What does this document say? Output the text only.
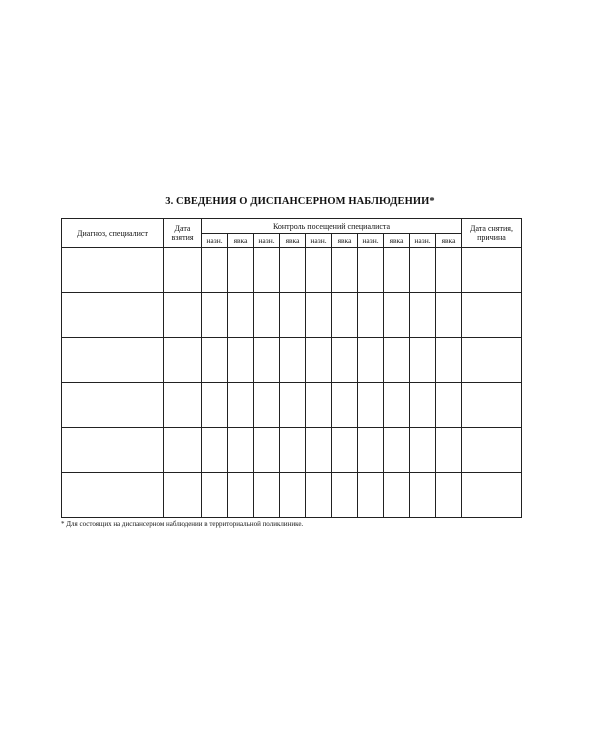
3. СВЕДЕНИЯ О ДИСПАНСЕРНОМ НАБЛЮДЕНИИ*
Диагноз, специалист	Дата взятия	Контроль посещений специалиста										Дата снятия, причина
		назн.	явка	назн.	явка	назн.	явка	назн.	явка	назн.	явка	

* Для состоящих на диспансерном наблюдении в территориальной поликлинике.
